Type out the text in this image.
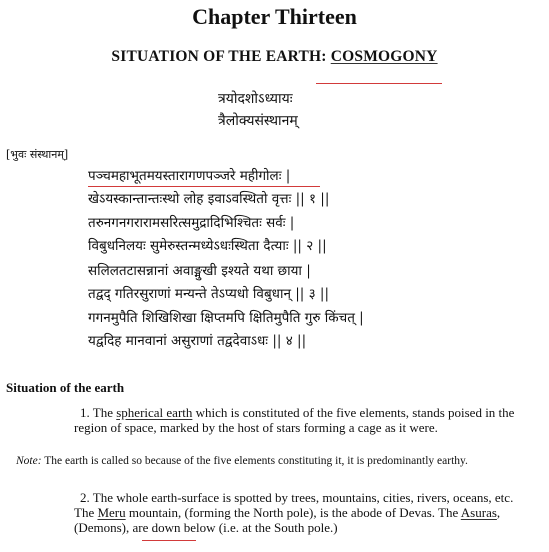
Chapter Thirteen
SITUATION OF THE EARTH: COSMOGONY
त्रयोदशोऽध्यायः
त्रैलोक्यसंस्थानम्
[भुवः संस्थानम्]
पञ्चमहाभूतमयस्तारागणपञ्जरे महीगोलः |
खेऽयस्कान्तान्तःस्थो लोह इवाऽवस्थितो वृत्तः || १ ||
तरुनगनगरारामसरित्समुद्रादिभिश्चितः सर्वः |
विबुधनिलयः सुमेरुस्तन्मध्येऽधःस्थिता दैत्याः || २ ||
सलिलतटासन्नानां अवाङ्मुखी इश्यते यथा छाया |
तद्वद् गतिरसुराणां मन्यन्ते तेऽप्यधो विबुधान् || ३ ||
गगनमुपैति शिखिशिखा क्षिप्तमपि क्षितिमुपैति गुरु किंचत् |
यद्वदिह मानवानां असुराणां तद्वदेवाऽधः || ४ ||
Situation of the earth
1. The spherical earth which is constituted of the five elements, stands poised in the region of space, marked by the host of stars forming a cage as it were.
Note: The earth is called so because of the five elements constituting it, it is predominantly earthy.
2. The whole earth-surface is spotted by trees, mountains, cities, rivers, oceans, etc. The Meru mountain, (forming the North pole), is the abode of Devas. The Asuras, (Demons), are down below (i.e. at the South pole.)
